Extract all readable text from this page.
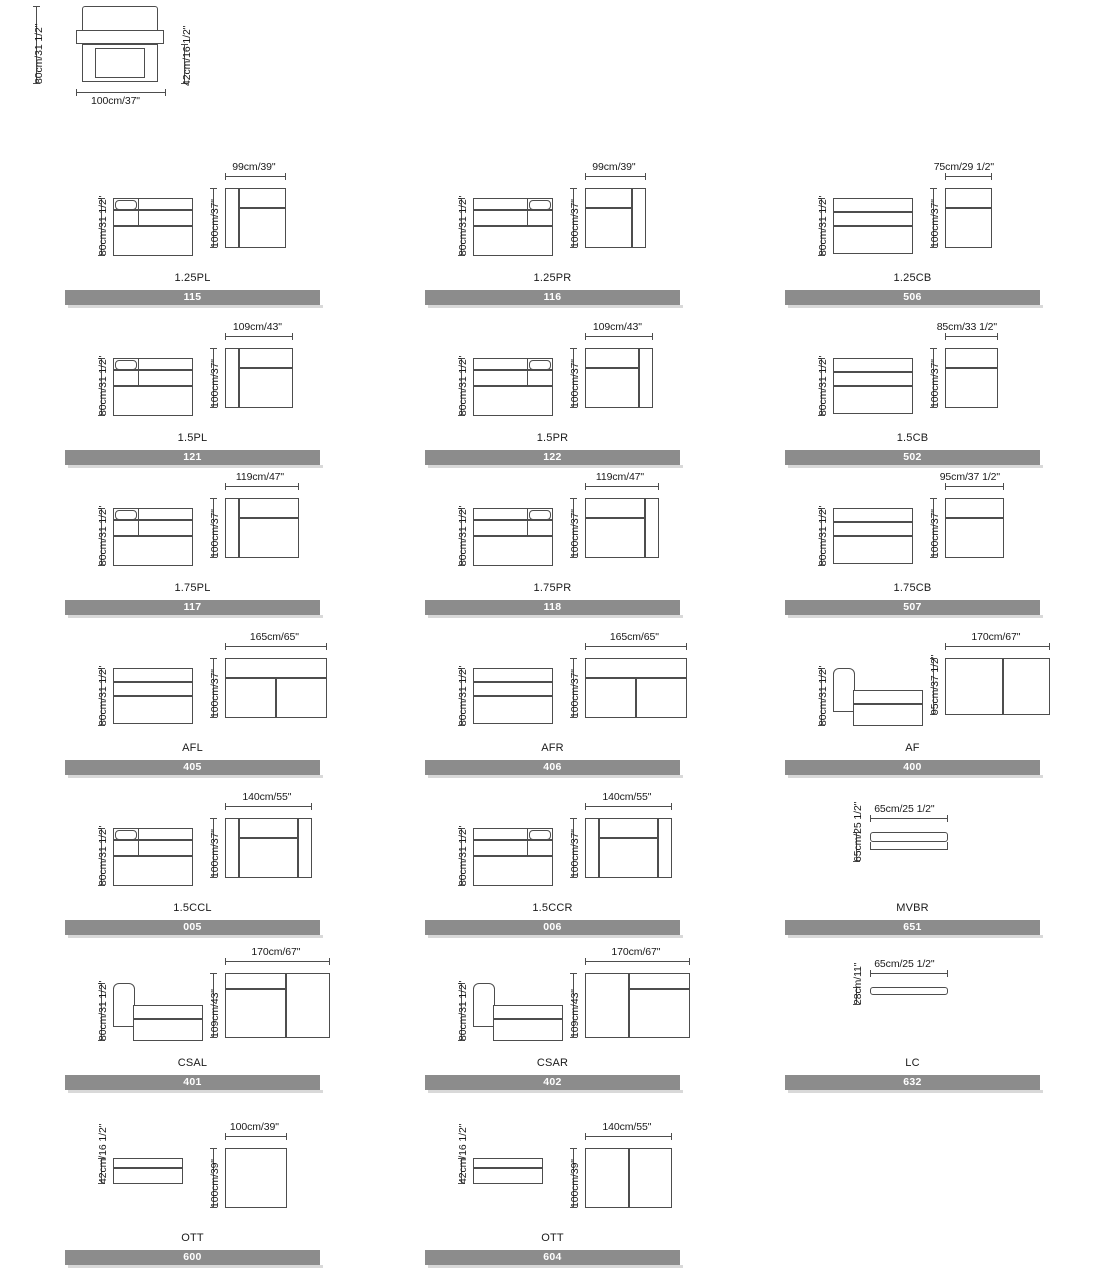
80cm/31 1/2"	42cm/16 1/2"
100cm/37"
80cm/31 1/2"
99cm/39"
100cm/37"
1.25PL
115
80cm/31 1/2"
99cm/39"
100cm/37"
1.25PR
116
80cm/31 1/2"
75cm/29 1/2"
100cm/37"
1.25CB
506
80cm/31 1/2"
109cm/43"
100cm/37"
1.5PL
121
80cm/31 1/2"
109cm/43"
100cm/37"
1.5PR
122
80cm/31 1/2"
85cm/33 1/2"
100cm/37"
1.5CB
502
80cm/31 1/2"
119cm/47"
100cm/37"
1.75PL
117
80cm/31 1/2"
119cm/47"
100cm/37"
1.75PR
118
80cm/31 1/2"
95cm/37 1/2"
100cm/37"
1.75CB
507
80cm/31 1/2"
165cm/65"
100cm/37"
AFL
405
80cm/31 1/2"
165cm/65"
100cm/37"
AFR
406
80cm/31 1/2"
170cm/67"
95cm/37 1/2"
AF
400
80cm/31 1/2"
140cm/55"
100cm/37"
1.5CCL
005
80cm/31 1/2"
140cm/55"
100cm/37"
1.5CCR
006
65cm/25 1/2" 65cm/25 1/2"
MVBR
651
80cm/31 1/2"
170cm/67"
109cm/43"
CSAL
401
80cm/31 1/2"
170cm/67"
109cm/43"
CSAR
402
28cm/11" 65cm/25 1/2"
LC
632
42cm/16 1/2"	100cm/39"
100cm/39"
OTT
600
42cm/16 1/2"	140cm/55"
100cm/39"
OTT
604
